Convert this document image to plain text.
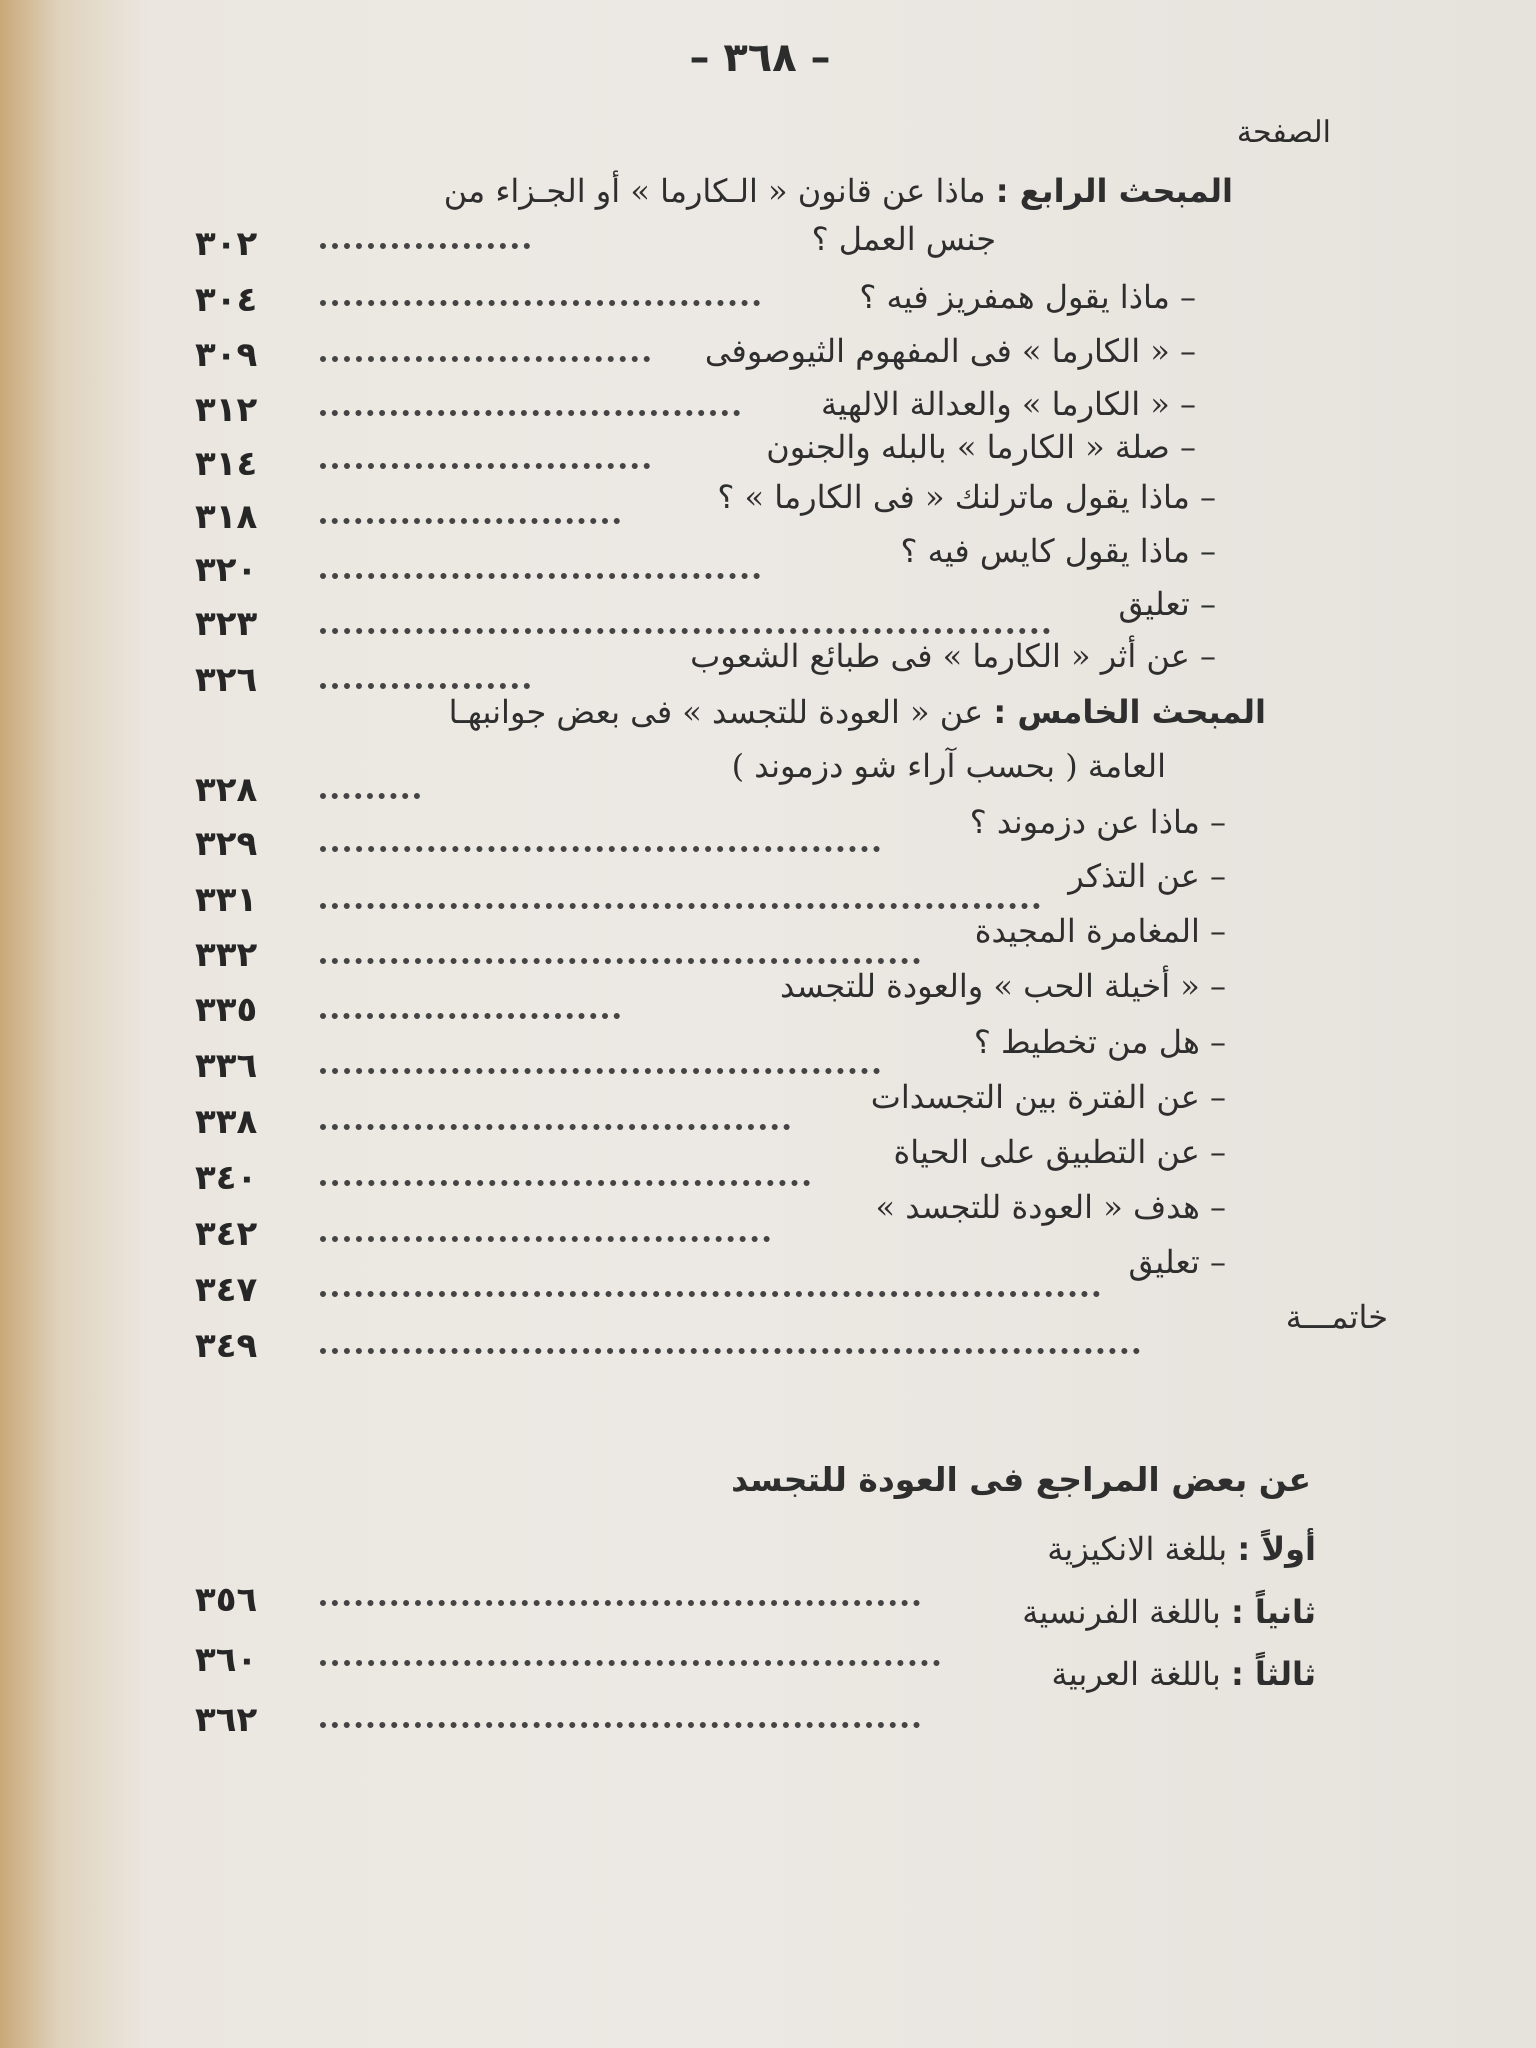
– ٣٦٨ –
الصفحة
المبحث الرابع : ماذا عن قانون « الـكارما » أو الجـزاء من
جنس العمل ؟
٣٠٢
– ماذا يقول همفريز فيه ؟
٣٠٤
– « الكارما » فى المفهوم الثيوصوفى
٣٠٩
– « الكارما » والعدالة الالهية
٣١٢
– صلة « الكارما » بالبله والجنون
٣١٤
– ماذا يقول ماترلنك « فى الكارما » ؟
٣١٨
– ماذا يقول كايس فيه ؟
٣٢٠
– تعليق
٣٢٣
– عن أثر « الكارما » فى طبائع الشعوب
٣٢٦
المبحث الخامس : عن « العودة للتجسد » فى بعض جوانبهـا
العامة ( بحسب آراء شو دزموند )
٣٢٨
– ماذا عن دزموند ؟
٣٢٩
– عن التذكر
٣٣١
– المغامرة المجيدة
٣٣٢
– « أخيلة الحب » والعودة للتجسد
٣٣٥
– هل من تخطيط ؟
٣٣٦
– عن الفترة بين التجسدات
٣٣٨
– عن التطبيق على الحياة
٣٤٠
– هدف « العودة للتجسد »
٣٤٢
– تعليق
٣٤٧
خاتمـــة
٣٤٩
عن بعض المراجع فى العودة للتجسد
أولاً : بللغة الانكيزية
٣٥٦	ثانياً : باللغة الفرنسية
٣٦٠	ثالثاً : باللغة العربية
٣٦٢
